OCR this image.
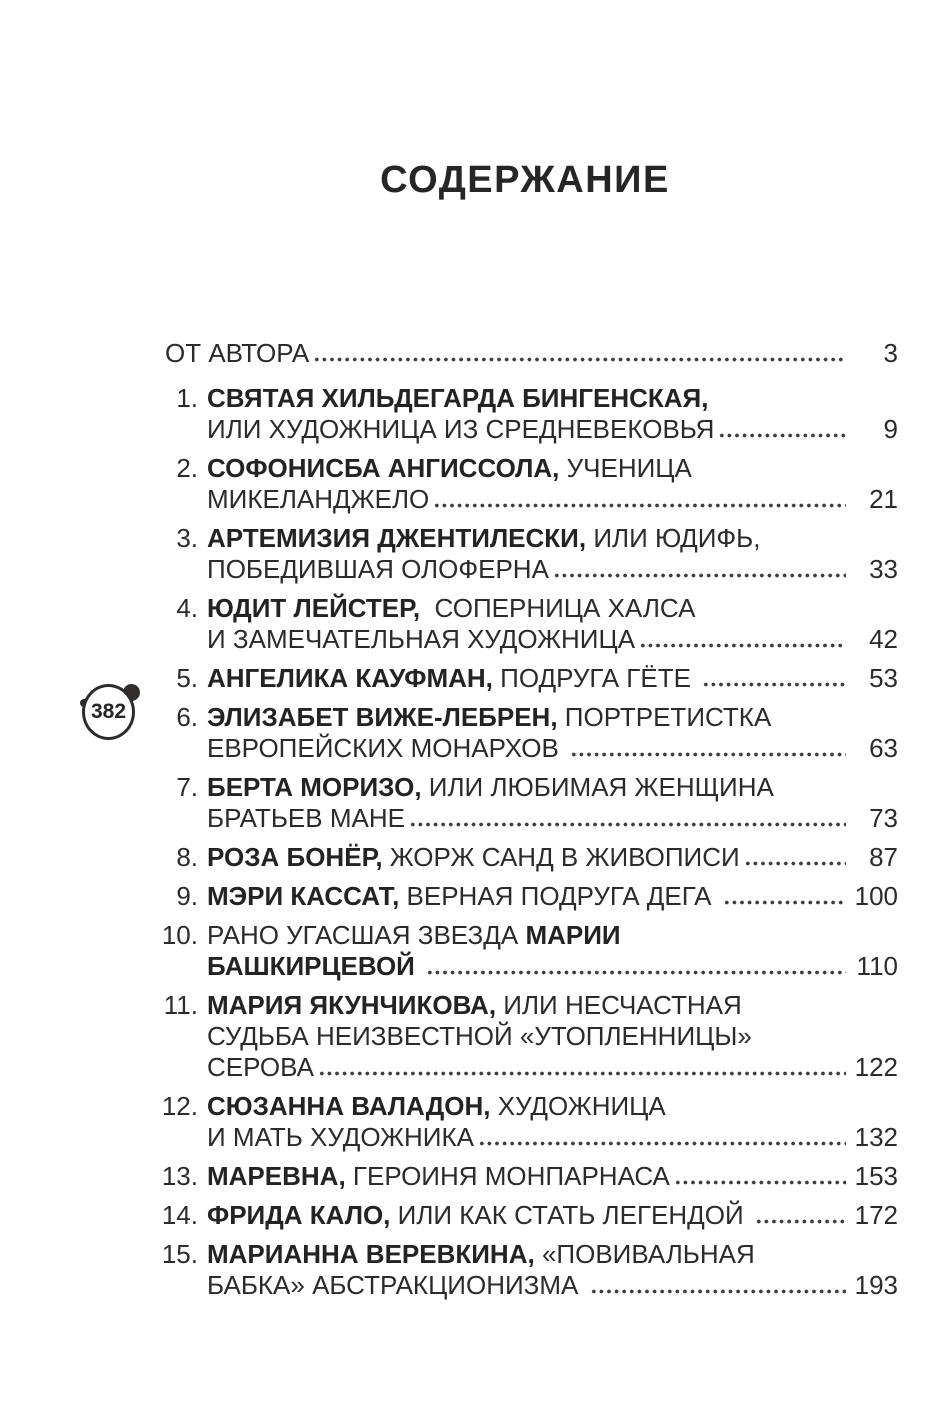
СОДЕРЖАНИЕ
382
ОТ АВТОРА	3
1. СВЯТАЯ ХИЛЬДЕГАРДА БИНГЕНСКАЯ,
ИЛИ ХУДОЖНИЦА ИЗ СРЕДНЕВЕКОВЬЯ	9
2. СОФОНИСБА АНГИССОЛА, УЧЕНИЦА
МИКЕЛАНДЖЕЛО	21
3. АРТЕМИЗИЯ ДЖЕНТИЛЕСКИ, ИЛИ ЮДИФЬ,
ПОБЕДИВШАЯ ОЛОФЕРНА	33
4. ЮДИТ ЛЕЙСТЕР,  СОПЕРНИЦА ХАЛСА
И ЗАМЕЧАТЕЛЬНАЯ ХУДОЖНИЦА	42
5. АНГЕЛИКА КАУФМАН, ПОДРУГА ГЁТЕ	53
6. ЭЛИЗАБЕТ ВИЖЕ-ЛЕБРЕН, ПОРТРЕТИСТКА
ЕВРОПЕЙСКИХ МОНАРХОВ	63
7. БЕРТА МОРИЗО, ИЛИ ЛЮБИМАЯ ЖЕНЩИНА
БРАТЬЕВ МАНЕ	73
8. РОЗА БОНЁР, ЖОРЖ САНД В ЖИВОПИСИ	87
9. МЭРИ КАССАТ, ВЕРНАЯ ПОДРУГА ДЕГА	100
10. РАНО УГАСШАЯ ЗВЕЗДА МАРИИ
БАШКИРЦЕВОЙ	110
11. МАРИЯ ЯКУНЧИКОВА, ИЛИ НЕСЧАСТНАЯ
СУДЬБА НЕИЗВЕСТНОЙ «УТОПЛЕННИЦЫ»
СЕРОВА	122
12. СЮЗАННА ВАЛАДОН, ХУДОЖНИЦА
И МАТЬ ХУДОЖНИКА	132
13. МАРЕВНА, ГЕРОИНЯ МОНПАРНАСА	153
14. ФРИДА КАЛО, ИЛИ КАК СТАТЬ ЛЕГЕНДОЙ	172
15. МАРИАННА ВЕРЕВКИНА, «ПОВИВАЛЬНАЯ
БАБКА» АБСТРАКЦИОНИЗМА	193
